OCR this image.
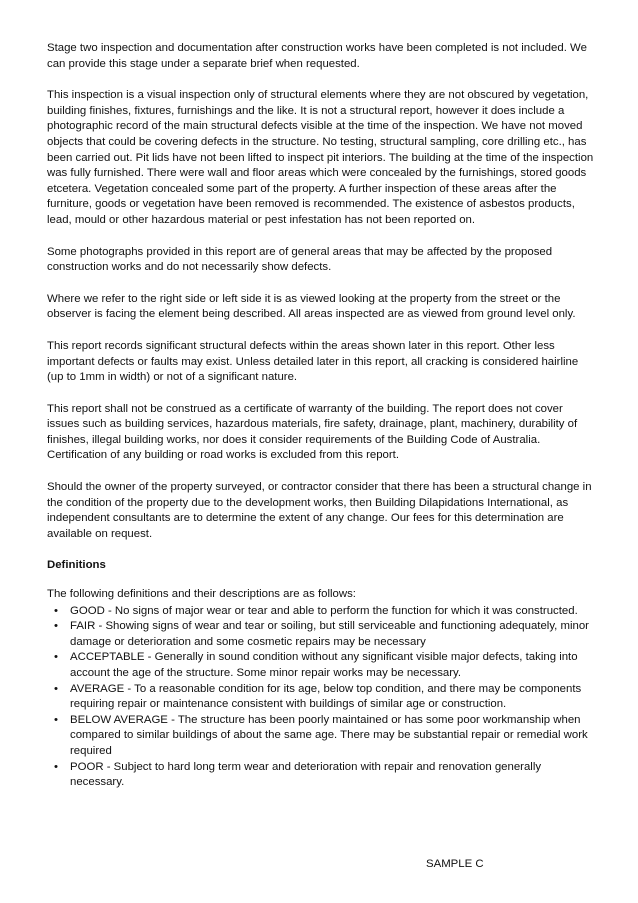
Stage two inspection and documentation after construction works have been completed is not included. We can provide this stage under a separate brief when requested.

This inspection is a visual inspection only of structural elements where they are not obscured by vegetation, building finishes, fixtures, furnishings and the like. It is not a structural report, however it does include a photographic record of the main structural defects visible at the time of the inspection. We have not moved objects that could be covering defects in the structure. No testing, structural sampling, core drilling etc., has been carried out. Pit lids have not been lifted to inspect pit interiors. The building at the time of the inspection was fully furnished. There were wall and floor areas which were concealed by the furnishings, stored goods etcetera. Vegetation concealed some part of the property. A further inspection of these areas after the furniture, goods or vegetation have been removed is recommended. The existence of asbestos products, lead, mould or other hazardous material or pest infestation has not been reported on.

Some photographs provided in this report are of general areas that may be affected by the proposed construction works and do not necessarily show defects.

Where we refer to the right side or left side it is as viewed looking at the property from the street or the observer is facing the element being described. All areas inspected are as viewed from ground level only.

This report records significant structural defects within the areas shown later in this report. Other less important defects or faults may exist. Unless detailed later in this report, all cracking is considered hairline (up to 1mm in width) or not of a significant nature.

This report shall not be construed as a certificate of warranty of the building. The report does not cover issues such as building services, hazardous materials, fire safety, drainage, plant, machinery, durability of finishes, illegal building works, nor does it consider requirements of the Building Code of Australia. Certification of any building or road works is excluded from this report.

Should the owner of the property surveyed, or contractor consider that there has been a structural change in the condition of the property due to the development works, then Building Dilapidations International, as independent consultants are to determine the extent of any change. Our fees for this determination are available on request.

Definitions
The following definitions and their descriptions are as follows:
• GOOD - No signs of major wear or tear and able to perform the function for which it was constructed.
• FAIR - Showing signs of wear and tear or soiling, but still serviceable and functioning adequately, minor damage or deterioration and some cosmetic repairs may be necessary
• ACCEPTABLE - Generally in sound condition without any significant visible major defects, taking into account the age of the structure. Some minor repair works may be necessary.
• AVERAGE - To a reasonable condition for its age, below top condition, and there may be components requiring repair or maintenance consistent with buildings of similar age or construction.
• BELOW AVERAGE - The structure has been poorly maintained or has some poor workmanship when compared to similar buildings of about the same age. There may be substantial repair or remedial work required
• POOR - Subject to hard long term wear and deterioration with repair and renovation generally necessary.
SAMPLE C
